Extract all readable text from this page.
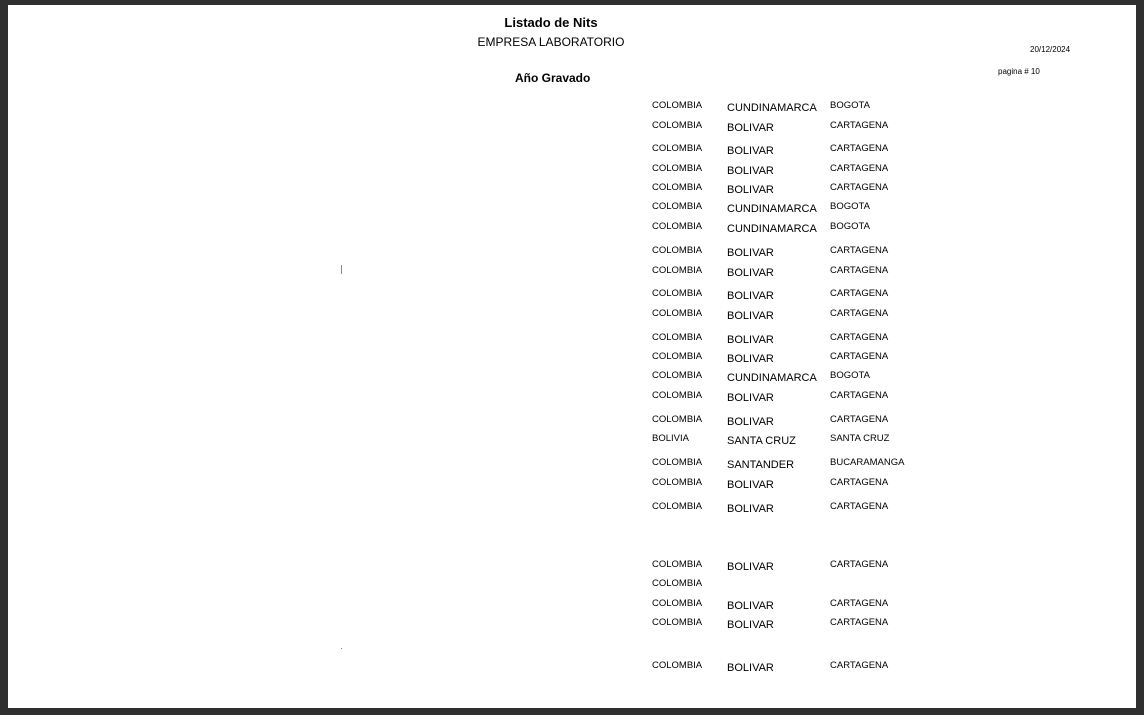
Listado de Nits
EMPRESA LABORATORIO
20/12/2024
pagina # 10
Año Gravado
COLOMBIA CUNDINAMARCA BOGOTA
COLOMBIA BOLIVAR	CARTAGENA
COLOMBIA BOLIVAR	CARTAGENA
COLOMBIA BOLIVAR	CARTAGENA
COLOMBIA BOLIVAR	CARTAGENA
COLOMBIA CUNDINAMARCA BOGOTA
COLOMBIA CUNDINAMARCA BOGOTA
COLOMBIA BOLIVAR	CARTAGENA
COLOMBIA BOLIVAR	CARTAGENA
COLOMBIA BOLIVAR	CARTAGENA
COLOMBIA BOLIVAR	CARTAGENA
COLOMBIA BOLIVAR	CARTAGENA
COLOMBIA BOLIVAR	CARTAGENA
COLOMBIA CUNDINAMARCA BOGOTA
COLOMBIA BOLIVAR	CARTAGENA
COLOMBIA BOLIVAR	CARTAGENA
BOLIVIA	SANTA CRUZ	SANTA CRUZ
COLOMBIA SANTANDER	BUCARAMANGA
COLOMBIA BOLIVAR	CARTAGENA
COLOMBIA BOLIVAR	CARTAGENA
COLOMBIA BOLIVAR	CARTAGENA
COLOMBIA
COLOMBIA BOLIVAR	CARTAGENA
COLOMBIA BOLIVAR	CARTAGENA
COLOMBIA BOLIVAR	CARTAGENA
